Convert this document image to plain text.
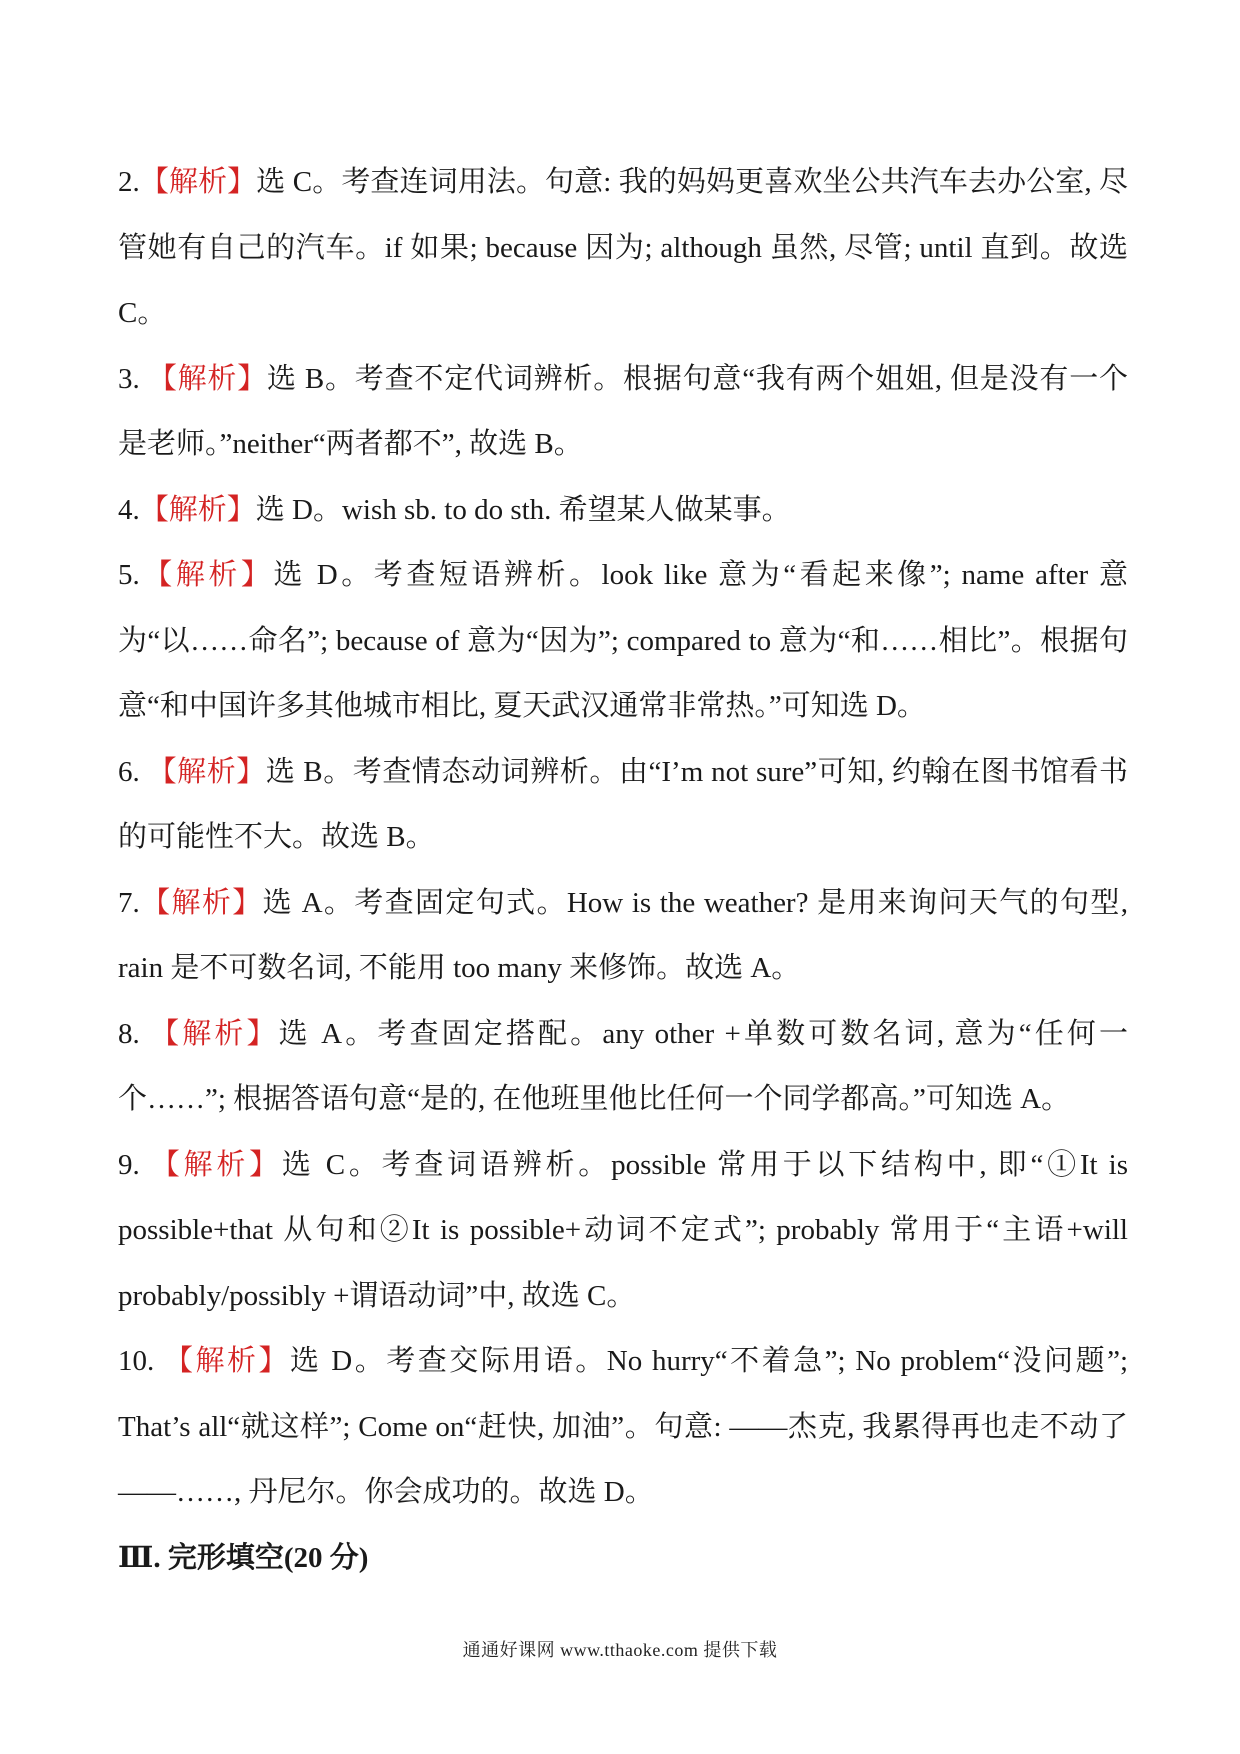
2.【解析】选 C。考查连词用法。句意: 我的妈妈更喜欢坐公共汽车去办公室, 尽管她有自己的汽车。if 如果; because 因为; although 虽然, 尽管; until 直到。故选 C。

3. 【解析】选 B。考查不定代词辨析。根据句意“我有两个姐姐, 但是没有一个是老师。”neither“两者都不”, 故选 B。

4.【解析】选 D。wish sb. to do sth. 希望某人做某事。

5.【解析】选 D。考查短语辨析。look like 意为“看起来像”; name after 意为“以……命名”; because of 意为“因为”; compared to 意为“和……相比”。根据句意“和中国许多其他城市相比, 夏天武汉通常非常热。”可知选 D。

6. 【解析】选 B。考查情态动词辨析。由“I’m not sure”可知, 约翰在图书馆看书的可能性不大。故选 B。

7.【解析】选 A。考查固定句式。How is the weather? 是用来询问天气的句型, rain 是不可数名词, 不能用 too many 来修饰。故选 A。

8. 【解析】选 A。考查固定搭配。any other +单数可数名词, 意为“任何一个……”; 根据答语句意“是的, 在他班里他比任何一个同学都高。”可知选 A。

9. 【解析】选 C。考查词语辨析。possible 常用于以下结构中, 即“①It is possible+that 从句和②It is possible+动词不定式”; probably 常用于“主语+will probably/possibly +谓语动词”中, 故选 C。

10. 【解析】选 D。考查交际用语。No hurry“不着急”; No problem“没问题”; That’s all“就这样”; Come on“赶快, 加油”。句意: ——杰克, 我累得再也走不动了——……, 丹尼尔。你会成功的。故选 D。

Ⅲ. 完形填空(20 分)

通通好课网 www.tthaoke.com 提供下载
